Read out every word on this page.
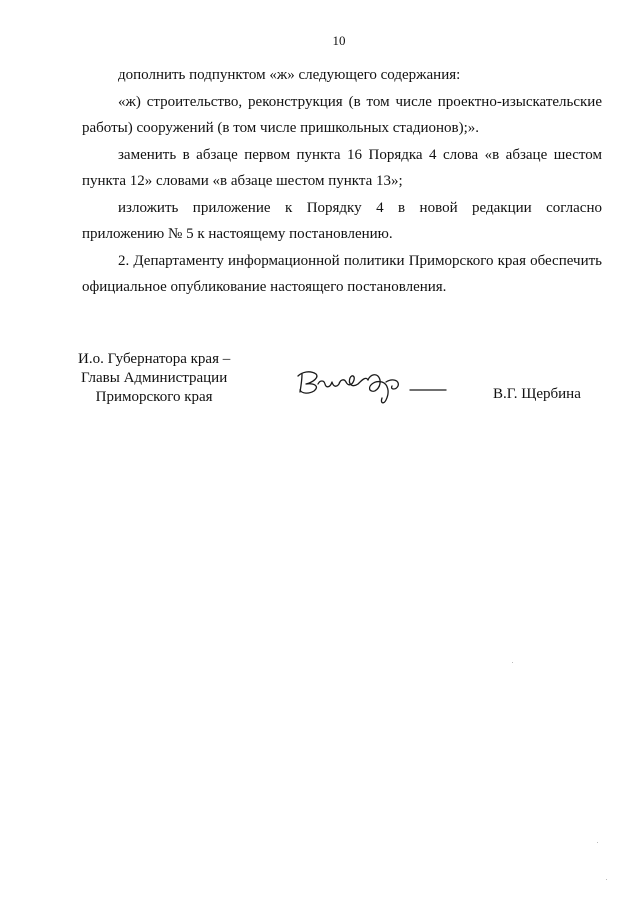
10

дополнить подпунктом «ж» следующего содержания:

«ж) строительство, реконструкция (в том числе проектно-изыскательские работы) сооружений (в том числе пришкольных стадионов);».

заменить в абзаце первом пункта 16 Порядка 4 слова «в абзаце шестом пункта 12» словами «в абзаце шестом пункта 13»;

изложить приложение к Порядку 4 в новой редакции согласно приложению № 5 к настоящему постановлению.

2. Департаменту информационной политики Приморского края обеспечить официальное опубликование настоящего постановления.

И.о. Губернатора края –
Главы Администрации
Приморского края	В.Г. Щербина
